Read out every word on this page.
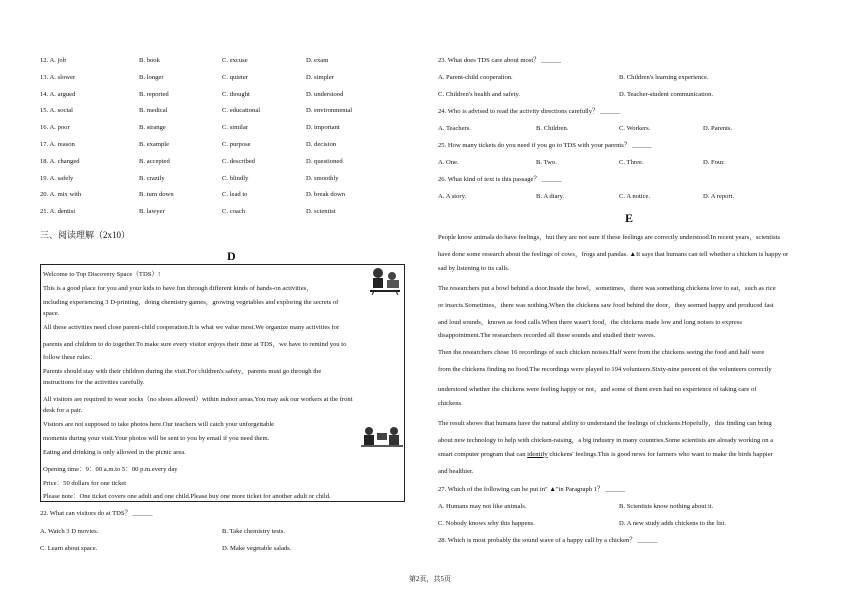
12. A. job	B. book	C. excuse	D. exam
13. A. slower	B. longer	C. quieter	D. simpler
14. A. argued	B. reported	C. thought	D. understood
15. A. social	B. medical	C. educational	D. environmental
16. A. poor	B. strange	C. similar	D. important
17. A. reason	B. example	C. purpose	D. decision
18. A. changed	B. accepted	C. described	D. questioned
19. A. safely	B. crazily	C. blindly	D. smoothly
20. A. mix with	B. turn down	C. lead to	D. break down
21. A. dentist	B. lawyer	C. coach	D. scientist
三、阅读理解（2x10）
D
Welcome to Top Discovery Space（TDS）!
This is a good place for you and your kids to have fun through different kinds of hands-on activities，
including experiencing 3 D-printing，doing chemistry games，growing vegetables and exploring the secrets of
space.
All these activities need close parent-child cooperation.It is what we value most.We organize many activities for
parents and children to do together.To make sure every visitor enjoys their time at TDS，we have to remind you to
follow these rules：
Parents should stay with their children during the visit.For children's safety，parents must go through the
instructions for the activities carefully.
All visitors are required to wear socks（no shoes allowed）within indoor areas.You may ask our workers at the front
desk for a pair.
Visitors are not supposed to take photos here.Our teachers will catch your unforgettable
moments during your visit.Your photos will be sent to you by email if you need them.
Eating and drinking is only allowed in the picnic area.
Opening time：9：00 a.m.to 5：00 p.m.every day
Price：50 dollars for one ticket
Please note：One ticket covers one adult and one child.Please buy one more ticket for another adult or child.
22. What can visitors do at TDS？ ______
A. Watch 3 D movies.	B. Take chemistry tests.
C. Learn about space.	D. Make vegetable salads.
23. What does TDS care about most？ ______
A. Parent-child cooperation.	B. Children's learning experience.
C. Children's health and safety.	D. Teacher-student communication.
24. Who is advised to read the activity directions carefully？ ______
A. Teachers.	B. Children.	C. Workers.	D. Parents.
25. How many tickets do you need if you go to TDS with your parents？ ______
A. One.	B. Two.	C. Three.	D. Four.
26. What kind of text is this passage？ ______
A. A story.	B. A diary.	C. A notice.	D. A report.
E
People know animals do have feelings，but they are not sure if these feelings are correctly understood.In recent years，scientists
have done some research about the feelings of cows，frogs and pandas. ▲It says that humans can tell whether a chicken is happy or
sad by listening to its calls.
The researchers put a bowl behind a door.Inside the bowl，sometimes，there was something chickens love to eat，such as rice
or insects.Sometimes，there was nothing.When the chickens saw food behind the door，they seemed happy and produced fast
and loud sounds，known as food calls.When there wasn't food，the chickens made low and long noises to express
disappointment.The researchers recorded all these sounds and studied their waves.
Then the researchers chose 16 recordings of such chicken noises.Half were from the chickens seeing the food and half were
from the chickens finding no food.The recordings were played to 194 volunteers.Sixty-nine percent of the volunteers correctly
understood whether the chickens were feeling happy or not，and some of them even had no experience of taking care of
chickens.
The result shows that humans have the natural ability to understand the feelings of chickens.Hopefully，this finding can bring
about new technology to help with chicken-raising，a big industry in many countries.Some scientists are already working on a
smart computer program that can identify chickens' feelings.This is good news for farmers who want to make the birds happier
and healthier.
27. Which of the following can be put in" ▲"in Paragraph 1？ ______
A. Humans may not like animals.	B. Scientists know nothing about it.
C. Nobody knows why this happens.	D. A new study adds chickens to the list.
28. Which is most probably the sound wave of a happy call by a chicken？ ______
第2页，共5页
